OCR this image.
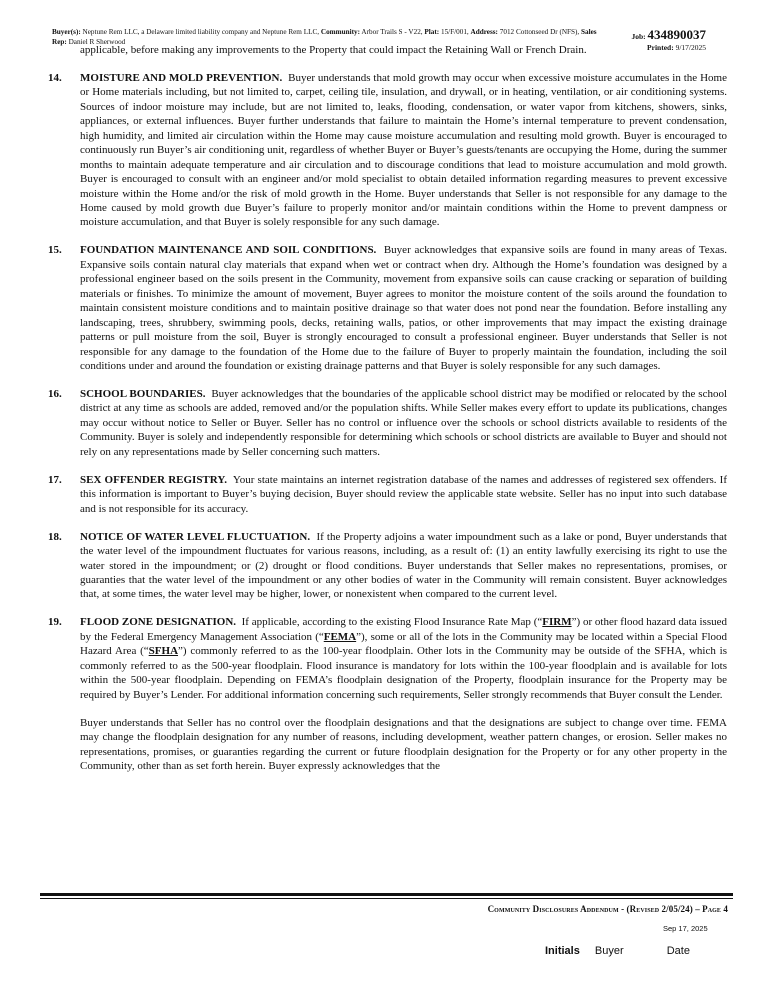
Buyer(s): Neptune Rem LLC, a Delaware limited liability company and Neptune Rem LLC, Community: Arbor Trails S - V22, Plat: 15/F/001, Address: 7012 Cottonseed Dr (NFS), Sales Rep: Daniel R Sherwood
Job: 434890037
Printed: 9/17/2025
applicable, before making any improvements to the Property that could impact the Retaining Wall or French Drain.
14.	MOISTURE AND MOLD PREVENTION. Buyer understands that mold growth may occur when excessive moisture accumulates in the Home or Home materials including, but not limited to, carpet, ceiling tile, insulation, and drywall, or in heating, ventilation, or air conditioning systems. Sources of indoor moisture may include, but are not limited to, leaks, flooding, condensation, or water vapor from kitchens, showers, sinks, appliances, or external influences. Buyer further understands that failure to maintain the Home’s internal temperature to prevent condensation, high humidity, and limited air circulation within the Home may cause moisture accumulation and resulting mold growth. Buyer is encouraged to continuously run Buyer’s air conditioning unit, regardless of whether Buyer or Buyer’s guests/tenants are occupying the Home, during the summer months to maintain adequate temperature and air circulation and to discourage conditions that lead to moisture accumulation and mold growth. Buyer is encouraged to consult with an engineer and/or mold specialist to obtain detailed information regarding measures to prevent excessive moisture within the Home and/or the risk of mold growth in the Home. Buyer understands that Seller is not responsible for any damage to the Home caused by mold growth due Buyer’s failure to properly monitor and/or maintain conditions within the Home to prevent dampness or moisture accumulation, and that Buyer is solely responsible for any such damage.
15.	FOUNDATION MAINTENANCE AND SOIL CONDITIONS. Buyer acknowledges that expansive soils are found in many areas of Texas. Expansive soils contain natural clay materials that expand when wet or contract when dry. Although the Home’s foundation was designed by a professional engineer based on the soils present in the Community, movement from expansive soils can cause cracking or separation of building materials or finishes. To minimize the amount of movement, Buyer agrees to monitor the moisture content of the soils around the foundation to maintain consistent moisture conditions and to maintain positive drainage so that water does not pond near the foundation. Before installing any landscaping, trees, shrubbery, swimming pools, decks, retaining walls, patios, or other improvements that may impact the existing drainage patterns or pull moisture from the soil, Buyer is strongly encouraged to consult a professional engineer. Buyer understands that Seller is not responsible for any damage to the foundation of the Home due to the failure of Buyer to properly maintain the foundation, including the soil conditions under and around the foundation or existing drainage patterns and that Buyer is solely responsible for any such damages.
16.	SCHOOL BOUNDARIES. Buyer acknowledges that the boundaries of the applicable school district may be modified or relocated by the school district at any time as schools are added, removed and/or the population shifts. While Seller makes every effort to update its publications, changes may occur without notice to Seller or Buyer. Seller has no control or influence over the schools or school districts available to residents of the Community. Buyer is solely and independently responsible for determining which schools or school districts are available to Buyer and should not rely on any representations made by Seller concerning such matters.
17.	SEX OFFENDER REGISTRY. Your state maintains an internet registration database of the names and addresses of registered sex offenders. If this information is important to Buyer’s buying decision, Buyer should review the applicable state website. Seller has no input into such database and is not responsible for its accuracy.
18.	NOTICE OF WATER LEVEL FLUCTUATION. If the Property adjoins a water impoundment such as a lake or pond, Buyer understands that the water level of the impoundment fluctuates for various reasons, including, as a result of: (1) an entity lawfully exercising its right to use the water stored in the impoundment; or (2) drought or flood conditions. Buyer understands that Seller makes no representations, promises, or guaranties that the water level of the impoundment or any other bodies of water in the Community will remain consistent. Buyer acknowledges that, at some times, the water level may be higher, lower, or nonexistent when compared to the current level.
19.	FLOOD ZONE DESIGNATION. If applicable, according to the existing Flood Insurance Rate Map (“FIRM”) or other flood hazard data issued by the Federal Emergency Management Association (“FEMA”), some or all of the lots in the Community may be located within a Special Flood Hazard Area (“SFHA”) commonly referred to as the 100-year floodplain. Other lots in the Community may be outside of the SFHA, which is commonly referred to as the 500-year floodplain. Flood insurance is mandatory for lots within the 100-year floodplain and is available for lots within the 500-year floodplain. Depending on FEMA’s floodplain designation of the Property, floodplain insurance for the Property may be required by Buyer’s Lender. For additional information concerning such requirements, Seller strongly recommends that Buyer consult the Lender.
Buyer understands that Seller has no control over the floodplain designations and that the designations are subject to change over time. FEMA may change the floodplain designation for any number of reasons, including development, weather pattern changes, or erosion. Seller makes no representations, promises, or guaranties regarding the current or future floodplain designation for the Property or for any other property in the Community, other than as set forth herein. Buyer expressly acknowledges that the
Community Disclosures Addendum - (Revised 2/05/24) – Page 4
Sep 17, 2025
Initials Buyer	Date
